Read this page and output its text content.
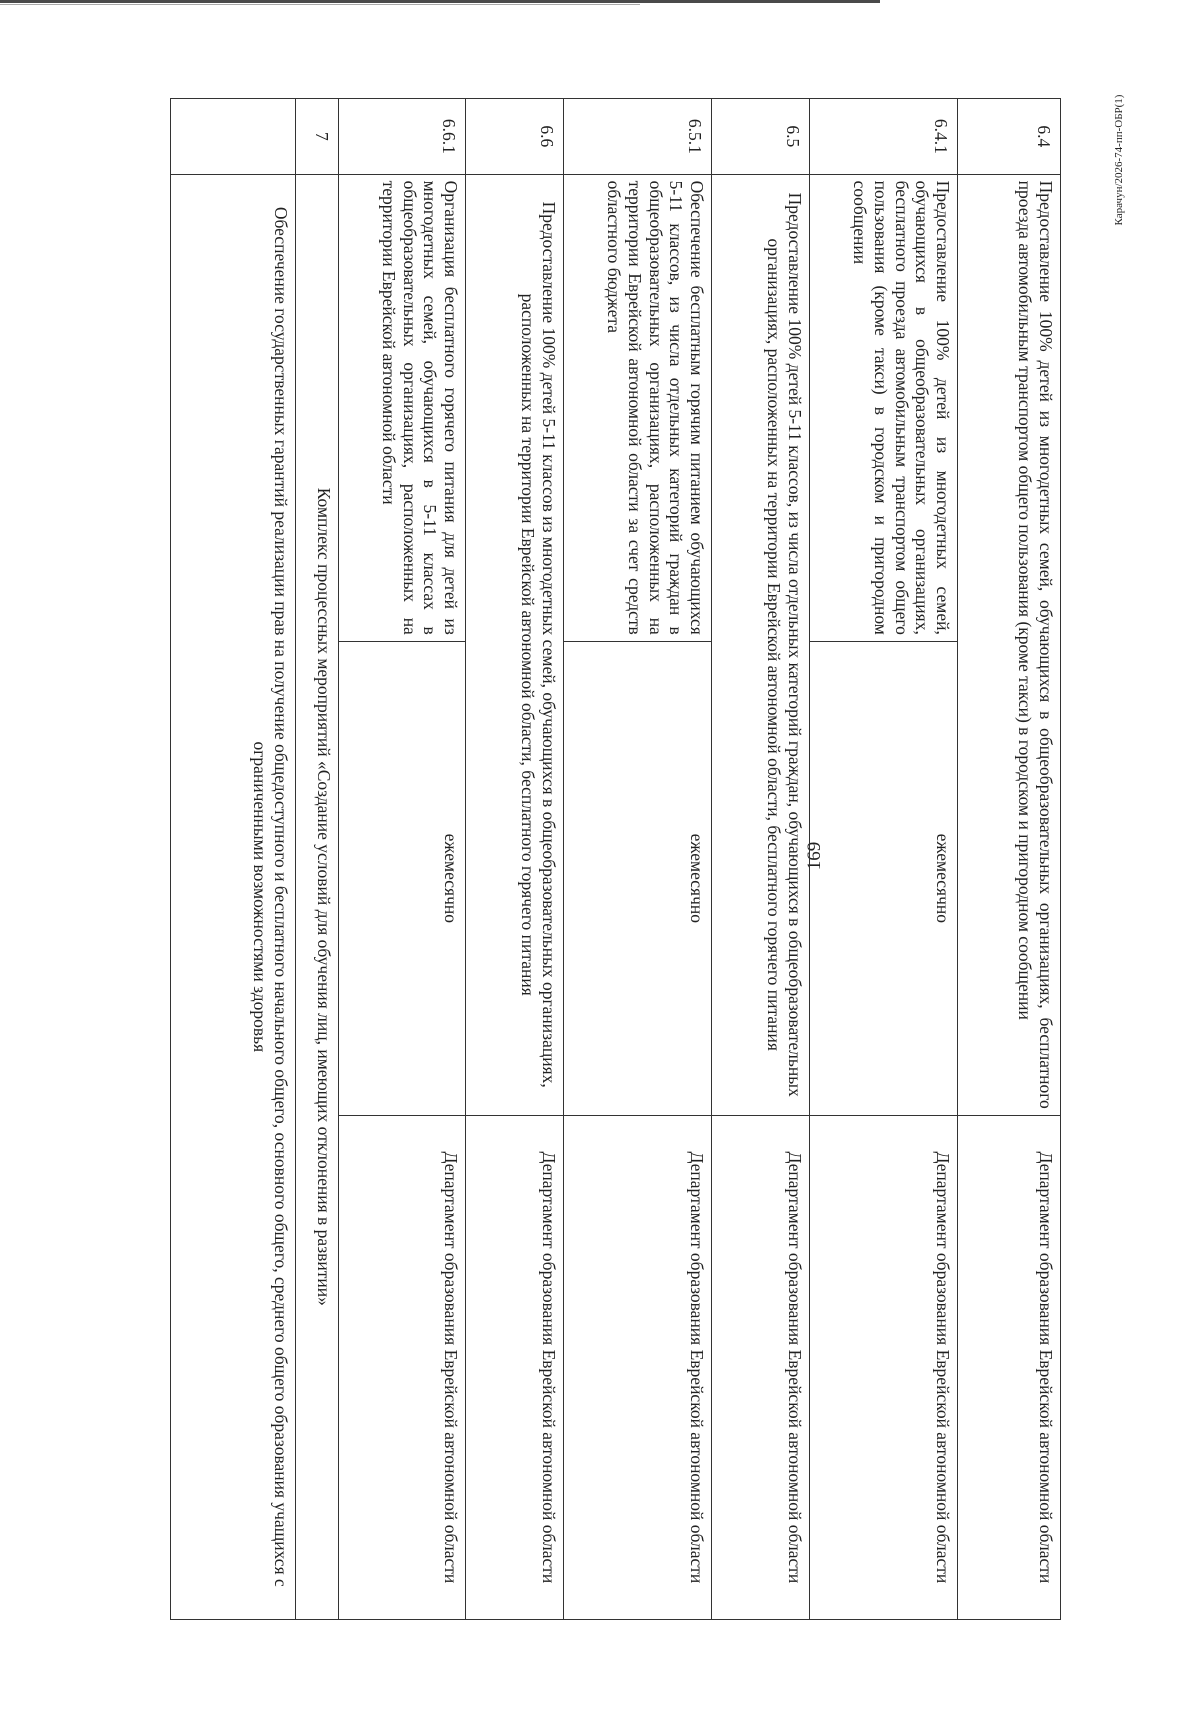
169
Карачун/2026-74-пп-ОБР(1)
6.4	Предоставление 100% детей из многодетных семей, обучающихся в общеобразовательных организациях, бесплатного проезда автомобильным транспортом общего пользования (кроме такси) в городском и пригородном сообщении		Департамент образования Еврейской автономной области
6.4.1	Предоставление 100% детей из многодетных семей, обучающихся в общеобразовательных организациях, бесплатного проезда автомобильным транспортом общего пользования (кроме такси) в городском и пригородном сообщении	ежемесячно	Департамент образования Еврейской автономной области
6.5	Предоставление 100% детей 5-11 классов, из числа отдельных категорий граждан, обучающихся в общеобразовательных организациях, расположенных на территории Еврейской автономной области, бесплатного горячего питания		Департамент образования Еврейской автономной области
6.5.1	Обеспечение бесплатным горячим питанием обучающихся 5-11 классов, из числа отдельных категорий граждан в общеобразовательных организациях, расположенных на территории Еврейской автономной области за счет средств областного бюджета	ежемесячно	Департамент образования Еврейской автономной области
6.6	Предоставление 100% детей 5-11 классов из многодетных семей, обучающихся в общеобразовательных организациях, расположенных на территории Еврейской автономной области, бесплатного горячего питания		Департамент образования Еврейской автономной области
6.6.1	Организация бесплатного горячего питания для детей из многодетных семей, обучающихся в 5-11 классах в общеобразовательных организациях, расположенных на территории Еврейской автономной области	ежемесячно	Департамент образования Еврейской автономной области
7	Комплекс процессных мероприятий «Создание условий для обучения лиц, имеющих отклонения в развитии»		
	Обеспечение государственных гарантий реализации прав на получение общедоступного и бесплатного начального общего, основного общего, среднего общего образования учащихся с ограниченными возможностями здоровья		
